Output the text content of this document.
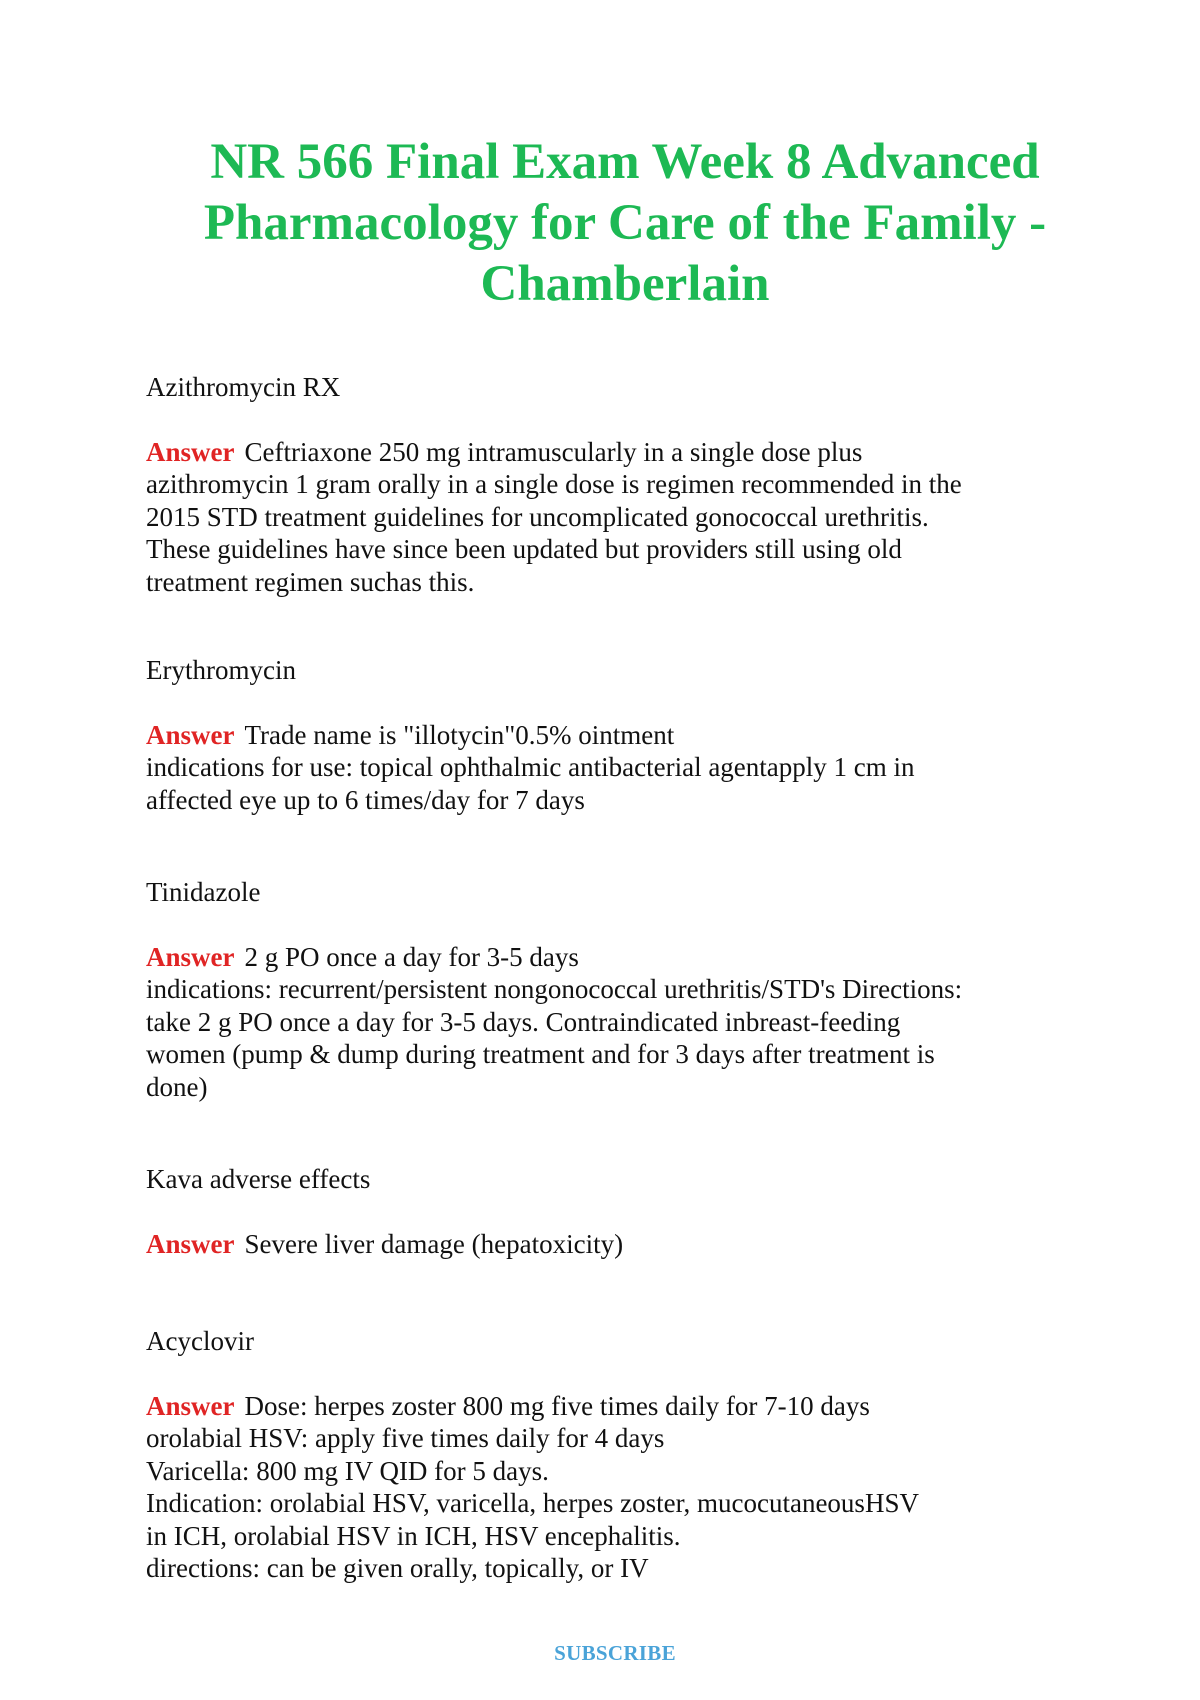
NR 566 Final Exam Week 8 Advanced
Pharmacology for Care of the Family -
Chamberlain

Azithromycin RX

Answer Ceftriaxone 250 mg intramuscularly in a single dose plus

azithromycin 1 gram orally in a single dose is regimen recommended in the

2015 STD treatment guidelines for uncomplicated gonococcal urethritis.

These guidelines have since been updated but providers still using old

treatment regimen suchas this.

Erythromycin

Answer Trade name is "illotycin"0.5% ointment

indications for use: topical ophthalmic antibacterial agentapply 1 cm in

affected eye up to 6 times/day for 7 days

Tinidazole

Answer 2 g PO once a day for 3-5 days

indications: recurrent/persistent nongonococcal urethritis/STD's Directions:

take 2 g PO once a day for 3-5 days. Contraindicated inbreast-feeding

women (pump & dump during treatment and for 3 days after treatment is

done)

Kava adverse effects

Answer Severe liver damage (hepatoxicity)

Acyclovir

Answer Dose: herpes zoster 800 mg five times daily for 7-10 days

orolabial HSV: apply five times daily for 4 days

Varicella: 800 mg IV QID for 5 days.

Indication: orolabial HSV, varicella, herpes zoster, mucocutaneousHSV

in ICH, orolabial HSV in ICH, HSV encephalitis.

directions: can be given orally, topically, or IV

SUBSCRIBE
